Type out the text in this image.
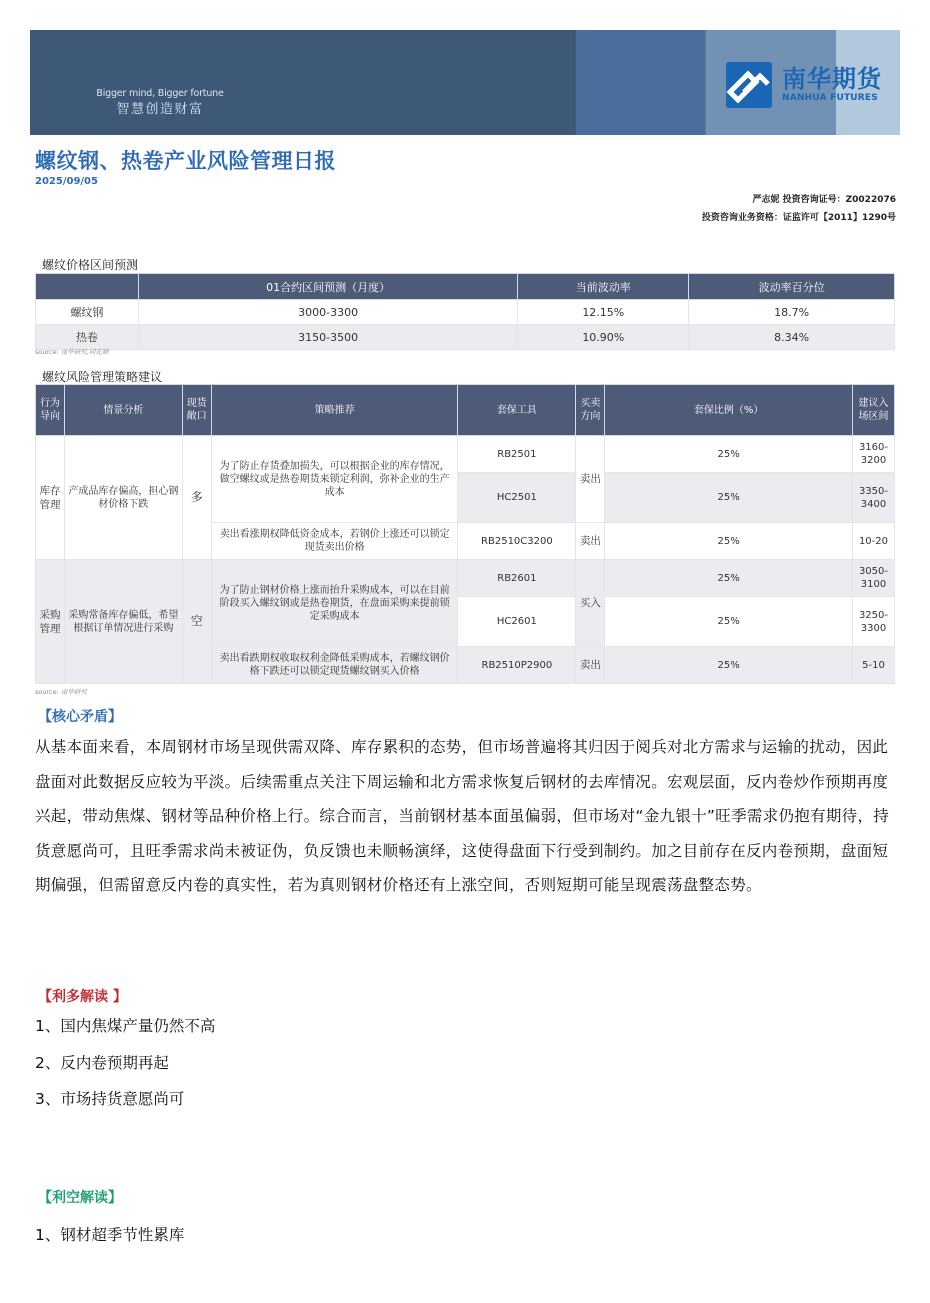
Bigger mind, Bigger fortune
智慧创造财富
南华期货
NANHUA FUTURES
螺纹钢、热卷产业风险管理日报
2025/09/05
严志妮 投资咨询证号：Z0022076
投资咨询业务资格：证监许可【2011】1290号
螺纹价格区间预测
	01合约区间预测（月度）	当前波动率	波动率百分位
螺纹钢	3000-3300	12.15%	18.7%
热卷	3150-3500	10.90%	8.34%
source: 南华研究,同花顺
螺纹风险管理策略建议
行为导向	情景分析	现货敞口	策略推荐	套保工具	买卖方向	套保比例（%）	建议入场区间
库存管理	产成品库存偏高，担心钢材价格下跌	多	为了防止存货叠加损失，可以根据企业的库存情况，做空螺纹或是热卷期货来锁定利润，弥补企业的生产成本	RB2501	卖出	25%	3160-3200
				HC2501		25%	3350-3400
			卖出看涨期权降低资金成本，若钢价上涨还可以锁定现货卖出价格	RB2510C3200	卖出	25%	10-20
采购管理	采购常备库存偏低，希望根据订单情况进行采购	空	为了防止钢材价格上涨而抬升采购成本，可以在目前阶段买入螺纹钢或是热卷期货，在盘面采购来提前锁定采购成本	RB2601	买入	25%	3050-3100
				HC2601		25%	3250-3300
			卖出看跌期权收取权利金降低采购成本，若螺纹钢价格下跌还可以锁定现货螺纹钢买入价格	RB2510P2900	卖出	25%	5-10
source: 南华研究
【核心矛盾】
从基本面来看，本周钢材市场呈现供需双降、库存累积的态势，但市场普遍将其归因于阅兵对北方需求与运输的扰动，因此盘面对此数据反应较为平淡。后续需重点关注下周运输和北方需求恢复后钢材的去库情况。宏观层面，反内卷炒作预期再度兴起，带动焦煤、钢材等品种价格上行。综合而言，当前钢材基本面虽偏弱，但市场对“金九银十”旺季需求仍抱有期待，持货意愿尚可，且旺季需求尚未被证伪，负反馈也未顺畅演绎，这使得盘面下行受到制约。加之目前存在反内卷预期，盘面短期偏强，但需留意反内卷的真实性，若为真则钢材价格还有上涨空间，否则短期可能呈现震荡盘整态势。
【利多解读 】
1、国内焦煤产量仍然不高
2、反内卷预期再起
3、市场持货意愿尚可
【利空解读】
1、钢材超季节性累库
